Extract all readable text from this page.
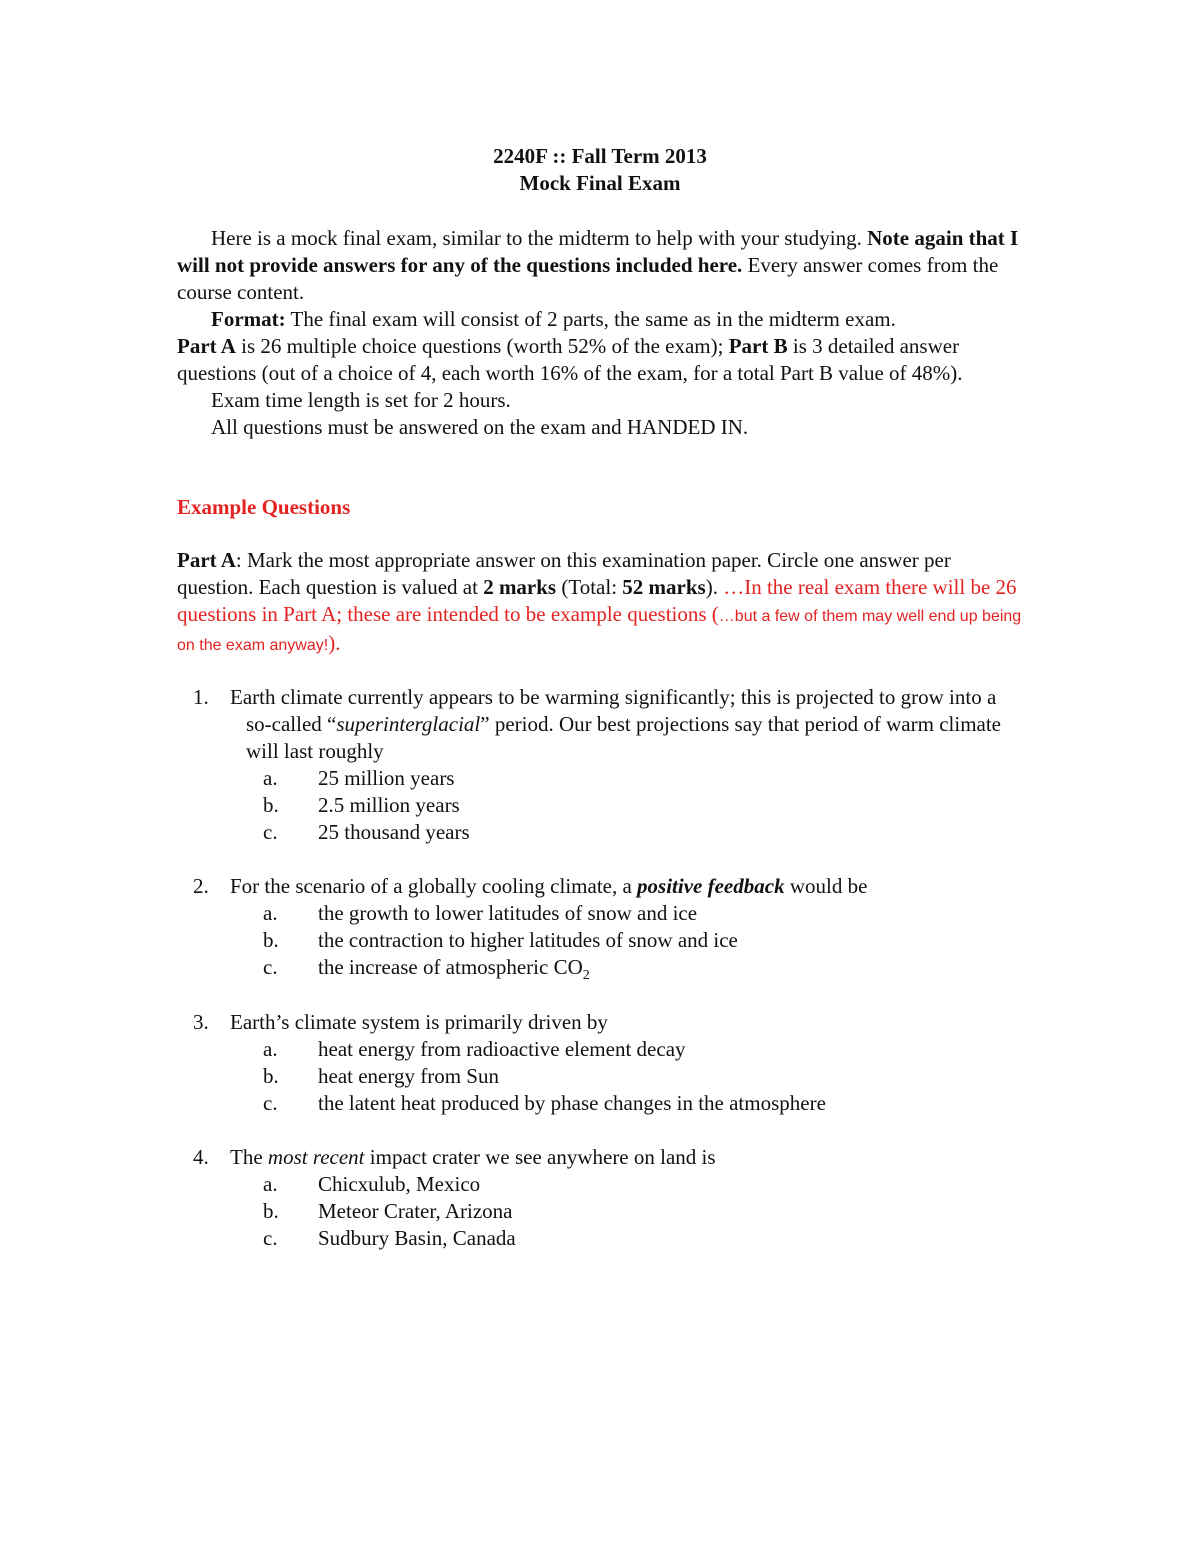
2240F :: Fall Term 2013
Mock Final Exam

Here is a mock final exam, similar to the midterm to help with your studying. Note again that I will not provide answers for any of the questions included here. Every answer comes from the course content.

Format: The final exam will consist of 2 parts, the same as in the midterm exam.

Part A is 26 multiple choice questions (worth 52% of the exam); Part B is 3 detailed answer questions (out of a choice of 4, each worth 16% of the exam, for a total Part B value of 48%).

Exam time length is set for 2 hours.

All questions must be answered on the exam and HANDED IN.

Example Questions
Part A: Mark the most appropriate answer on this examination paper. Circle one answer per question. Each question is valued at 2 marks (Total: 52 marks). …In the real exam there will be 26 questions in Part A; these are intended to be example questions (…but a few of them may well end up being on the exam anyway!).
1.	Earth climate currently appears to be warming significantly; this is projected to grow into a so-called “superinterglacial” period. Our best projections say that period of warm climate will last roughly
a. 25 million years
b. 2.5 million years
c. 25 thousand years
2.	For the scenario of a globally cooling climate, a positive feedback would be
a. the growth to lower latitudes of snow and ice
b. the contraction to higher latitudes of snow and ice
c. the increase of atmospheric $CO_2$
3.	Earth’s climate system is primarily driven by
a. heat energy from radioactive element decay
b. heat energy from Sun
c. the latent heat produced by phase changes in the atmosphere
4.	The most recent impact crater we see anywhere on land is
a. Chicxulub, Mexico
b. Meteor Crater, Arizona
c. Sudbury Basin, Canada
